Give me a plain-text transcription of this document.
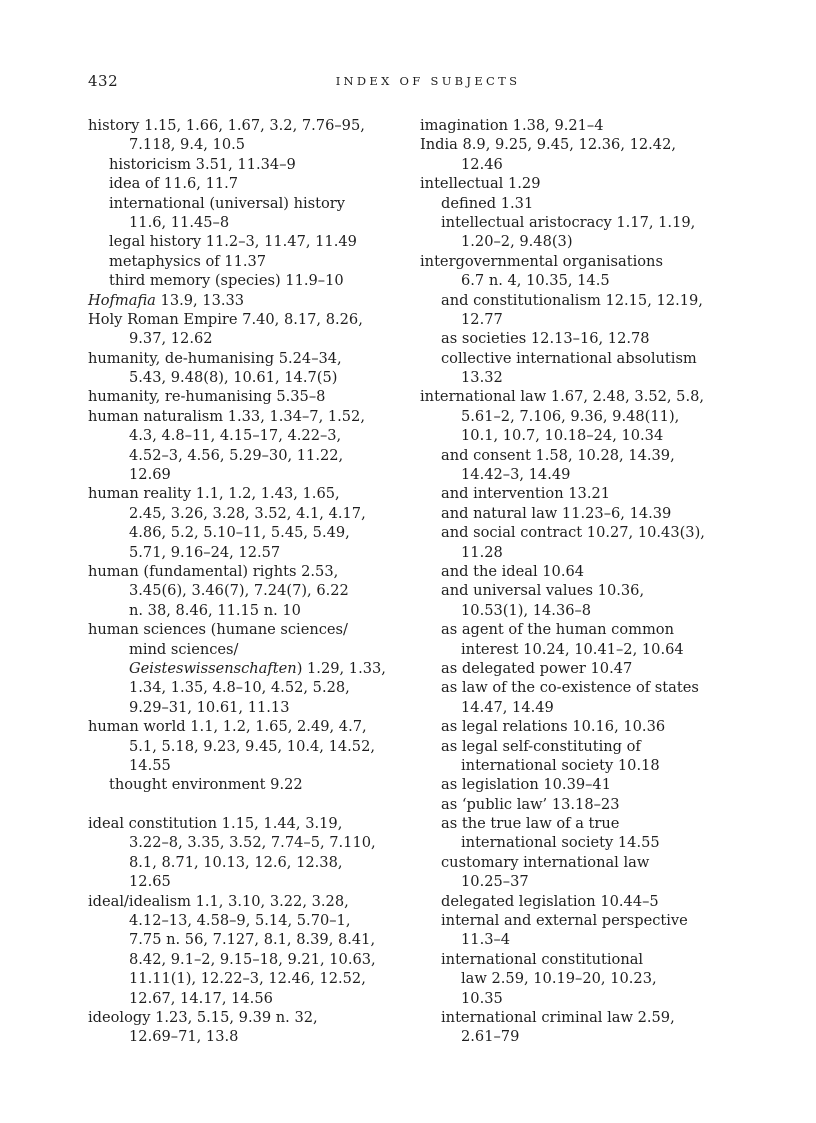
432	INDEX OF SUBJECTS
history 1.15, 1.66, 1.67, 3.2, 7.76–95,
7.118, 9.4, 10.5
historicism 3.51, 11.34–9
idea of 11.6, 11.7
international (universal) history
11.6, 11.45–8
legal history 11.2–3, 11.47, 11.49
metaphysics of 11.37
third memory (species) 11.9–10
Hofmafia 13.9, 13.33
Holy Roman Empire 7.40, 8.17, 8.26,
9.37, 12.62
humanity, de-humanising 5.24–34,
5.43, 9.48(8), 10.61, 14.7(5)
humanity, re-humanising 5.35–8
human naturalism 1.33, 1.34–7, 1.52,
4.3, 4.8–11, 4.15–17, 4.22–3,
4.52–3, 4.56, 5.29–30, 11.22,
12.69
human reality 1.1, 1.2, 1.43, 1.65,
2.45, 3.26, 3.28, 3.52, 4.1, 4.17,
4.86, 5.2, 5.10–11, 5.45, 5.49,
5.71, 9.16–24, 12.57
human (fundamental) rights 2.53,
3.45(6), 3.46(7), 7.24(7), 6.22
n. 38, 8.46, 11.15 n. 10
human sciences (humane sciences/
mind sciences/
Geisteswissenschaften) 1.29, 1.33,
1.34, 1.35, 4.8–10, 4.52, 5.28,
9.29–31, 10.61, 11.13
human world 1.1, 1.2, 1.65, 2.49, 4.7,
5.1, 5.18, 9.23, 9.45, 10.4, 14.52,
14.55
thought environment 9.22
ideal constitution 1.15, 1.44, 3.19,
3.22–8, 3.35, 3.52, 7.74–5, 7.110,
8.1, 8.71, 10.13, 12.6, 12.38,
12.65
ideal/idealism 1.1, 3.10, 3.22, 3.28,
4.12–13, 4.58–9, 5.14, 5.70–1,
7.75 n. 56, 7.127, 8.1, 8.39, 8.41,
8.42, 9.1–2, 9.15–18, 9.21, 10.63,
11.11(1), 12.22–3, 12.46, 12.52,
12.67, 14.17, 14.56
ideology 1.23, 5.15, 9.39 n. 32,
12.69–71, 13.8
imagination 1.38, 9.21–4
India 8.9, 9.25, 9.45, 12.36, 12.42,
12.46
intellectual 1.29
defined 1.31
intellectual aristocracy 1.17, 1.19,
1.20–2, 9.48(3)
intergovernmental organisations
6.7 n. 4, 10.35, 14.5
and constitutionalism 12.15, 12.19,
12.77
as societies 12.13–16, 12.78
collective international absolutism
13.32
international law 1.67, 2.48, 3.52, 5.8,
5.61–2, 7.106, 9.36, 9.48(11),
10.1, 10.7, 10.18–24, 10.34
and consent 1.58, 10.28, 14.39,
14.42–3, 14.49
and intervention 13.21
and natural law 11.23–6, 14.39
and social contract 10.27, 10.43(3),
11.28
and the ideal 10.64
and universal values 10.36,
10.53(1), 14.36–8
as agent of the human common
interest 10.24, 10.41–2, 10.64
as delegated power 10.47
as law of the co-existence of states
14.47, 14.49
as legal relations 10.16, 10.36
as legal self-constituting of
international society 10.18
as legislation 10.39–41
as ‘public law’ 13.18–23
as the true law of a true
international society 14.55
customary international law
10.25–37
delegated legislation 10.44–5
internal and external perspective
11.3–4
international constitutional
law 2.59, 10.19–20, 10.23,
10.35
international criminal law 2.59,
2.61–79
